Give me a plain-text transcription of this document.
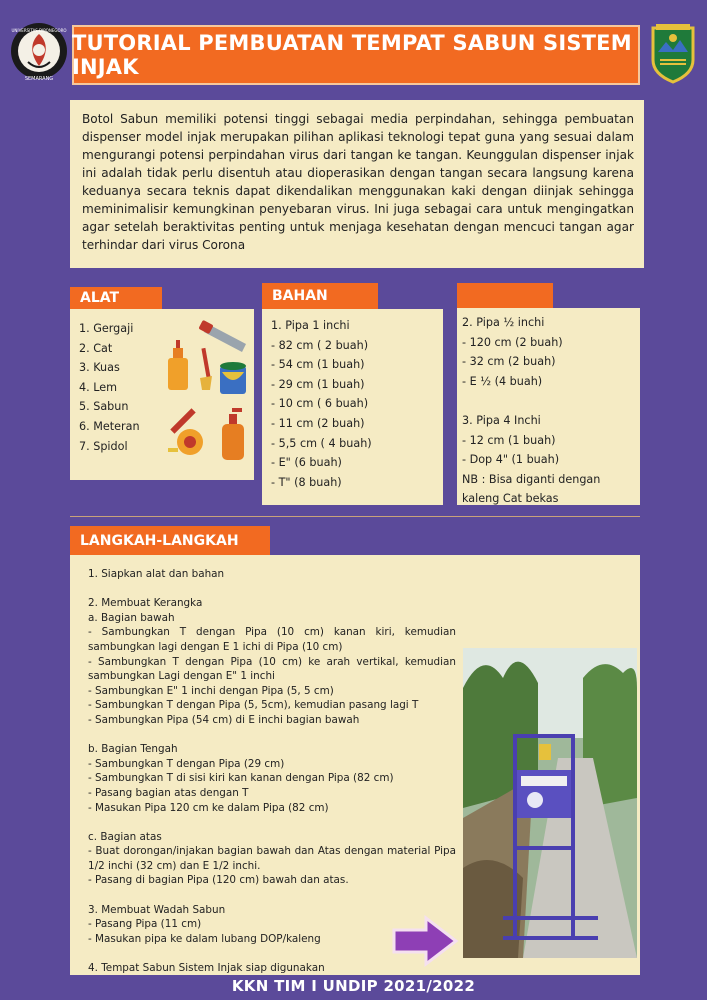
UNIVERSITAS DIPONEGORO
SEMARANG
TUTORIAL PEMBUATAN TEMPAT SABUN SISTEM INJAK
Botol Sabun memiliki potensi tinggi sebagai media perpindahan, sehingga pembuatan dispenser model injak merupakan pilihan aplikasi teknologi tepat guna yang sesuai dalam mengurangi potensi perpindahan virus dari tangan ke tangan. Keunggulan dispenser injak ini adalah tidak perlu disentuh atau dioperasikan dengan tangan secara langsung karena keduanya secara teknis dapat dikendalikan menggunakan kaki dengan diinjak sehingga meminimalisir kemungkinan penyebaran virus. Ini juga sebagai cara untuk mengingatkan agar setelah beraktivitas penting untuk menjaga kesehatan dengan mencuci tangan agar terhindar dari virus Corona
ALAT
1. Gergaji
2. Cat
3. Kuas
4. Lem
5. Sabun
6. Meteran
7. Spidol
BAHAN
1. Pipa 1 inchi
- 82 cm ( 2 buah)
- 54 cm (1 buah)
- 29 cm (1 buah)
- 10 cm ( 6 buah)
- 11 cm (2 buah)
- 5,5 cm ( 4 buah)
- E" (6 buah)
- T" (8 buah)
2. Pipa ½ inchi
- 120 cm (2 buah)
- 32 cm (2 buah)
- E ½ (4 buah)
3. Pipa 4 Inchi
- 12 cm (1 buah)
- Dop 4" (1 buah)
NB : Bisa diganti dengan
kaleng Cat bekas
LANGKAH-LANGKAH
1. Siapkan alat dan bahan
2. Membuat Kerangka
a. Bagian bawah
- Sambungkan T dengan Pipa (10 cm) kanan kiri, kemudian sambungkan lagi dengan E 1 ichi di Pipa (10 cm)
- Sambungkan T dengan Pipa (10 cm) ke arah vertikal, kemudian sambungkan Lagi dengan E" 1 inchi
- Sambungkan E" 1 inchi dengan Pipa (5, 5 cm)
- Sambungkan T dengan Pipa (5, 5cm), kemudian pasang lagi T
- Sambungkan Pipa (54 cm) di E inchi bagian bawah
b. Bagian Tengah
- Sambungkan T dengan Pipa (29 cm)
- Sambungkan T di sisi kiri kan kanan dengan Pipa (82 cm)
- Pasang bagian atas dengan T
- Masukan Pipa 120 cm ke dalam Pipa (82 cm)
c. Bagian atas
- Buat dorongan/injakan bagian bawah dan Atas dengan material Pipa 1/2 inchi (32 cm) dan E 1/2 inchi.
- Pasang di bagian Pipa (120 cm) bawah dan atas.
3. Membuat Wadah Sabun
- Pasang Pipa (11 cm)
- Masukan pipa ke dalam lubang DOP/kaleng
4. Tempat Sabun Sistem Injak siap digunakan
KKN TIM I UNDIP 2021/2022
